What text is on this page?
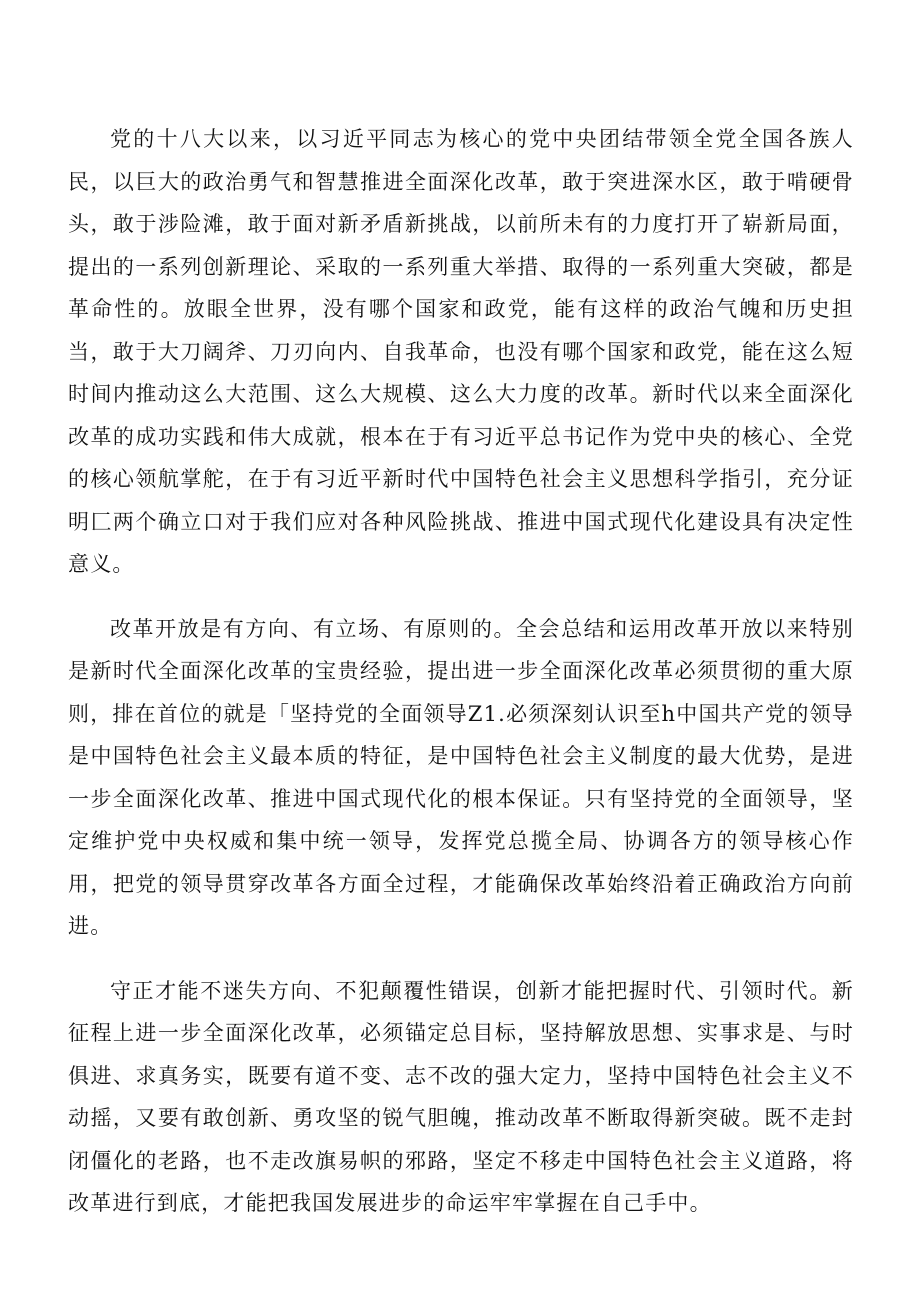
党的十八大以来，以习近平同志为核心的党中央团结带领全党全国各族人民，以巨大的政治勇气和智慧推进全面深化改革，敢于突进深水区，敢于啃硬骨头，敢于涉险滩，敢于面对新矛盾新挑战，以前所未有的力度打开了崭新局面，提出的一系列创新理论、采取的一系列重大举措、取得的一系列重大突破，都是革命性的。放眼全世界，没有哪个国家和政党，能有这样的政治气魄和历史担当，敢于大刀阔斧、刀刃向内、自我革命，也没有哪个国家和政党，能在这么短时间内推动这么大范围、这么大规模、这么大力度的改革。新时代以来全面深化改革的成功实践和伟大成就，根本在于有习近平总书记作为党中央的核心、全党的核心领航掌舵，在于有习近平新时代中国特色社会主义思想科学指引，充分证明匚两个确立口对于我们应对各种风险挑战、推进中国式现代化建设具有决定性意义。

改革开放是有方向、有立场、有原则的。全会总结和运用改革开放以来特别是新时代全面深化改革的宝贵经验，提出进一步全面深化改革必须贯彻的重大原则，排在首位的就是「坚持党的全面领导Z1.必须深刻认识至h中国共产党的领导是中国特色社会主义最本质的特征，是中国特色社会主义制度的最大优势，是进一步全面深化改革、推进中国式现代化的根本保证。只有坚持党的全面领导，坚定维护党中央权威和集中统一领导，发挥党总揽全局、协调各方的领导核心作用，把党的领导贯穿改革各方面全过程，才能确保改革始终沿着正确政治方向前进。

守正才能不迷失方向、不犯颠覆性错误，创新才能把握时代、引领时代。新征程上进一步全面深化改革，必须锚定总目标，坚持解放思想、实事求是、与时俱进、求真务实，既要有道不变、志不改的强大定力，坚持中国特色社会主义不动摇，又要有敢创新、勇攻坚的锐气胆魄，推动改革不断取得新突破。既不走封闭僵化的老路，也不走改旗易帜的邪路，坚定不移走中国特色社会主义道路，将改革进行到底，才能把我国发展进步的命运牢牢掌握在自己手中。
